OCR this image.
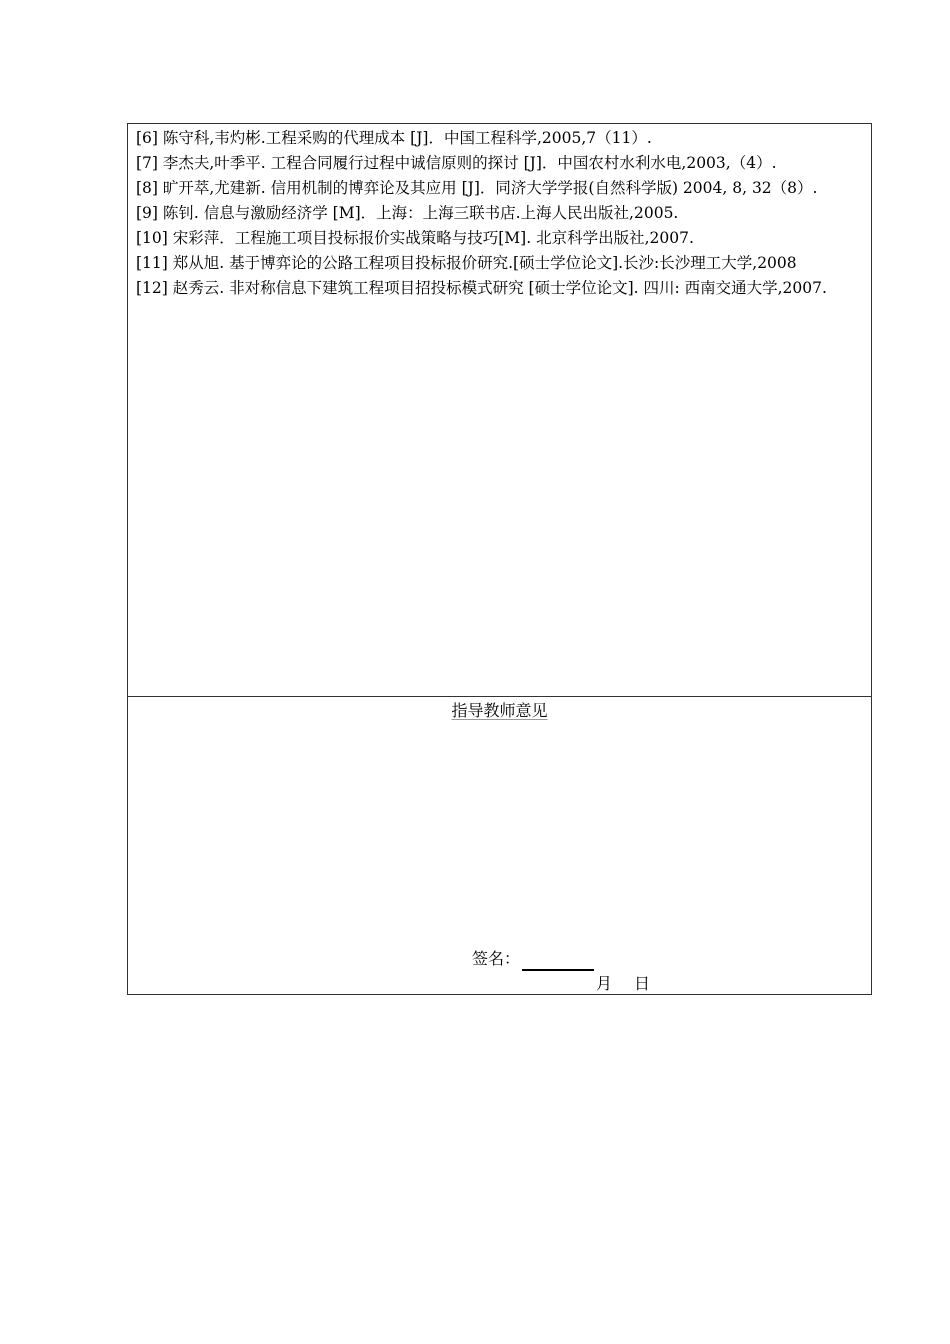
[6] 陈守科,韦灼彬.工程采购的代理成本 [J]．中国工程科学,2005,7（11）.
[7] 李杰夫,叶季平. 工程合同履行过程中诚信原则的探讨 [J]．中国农村水利水电,2003,（4）.
[8] 旷开萃,尤建新. 信用机制的博弈论及其应用 [J]．同济大学学报(自然科学版) 2004, 8, 32（8）.
[9] 陈钊. 信息与激励经济学 [M]．上海：上海三联书店.上海人民出版社,2005.
[10] 宋彩萍．工程施工项目投标报价实战策略与技巧[M]. 北京科学出版社,2007.
[11] 郑从旭. 基于博弈论的公路工程项目投标报价研究.[硕士学位论文].长沙:长沙理工大学,2008
[12] 赵秀云. 非对称信息下建筑工程项目招投标模式研究 [硕士学位论文]. 四川: 西南交通大学,2007.
指导教师意见
签名：
月 日
